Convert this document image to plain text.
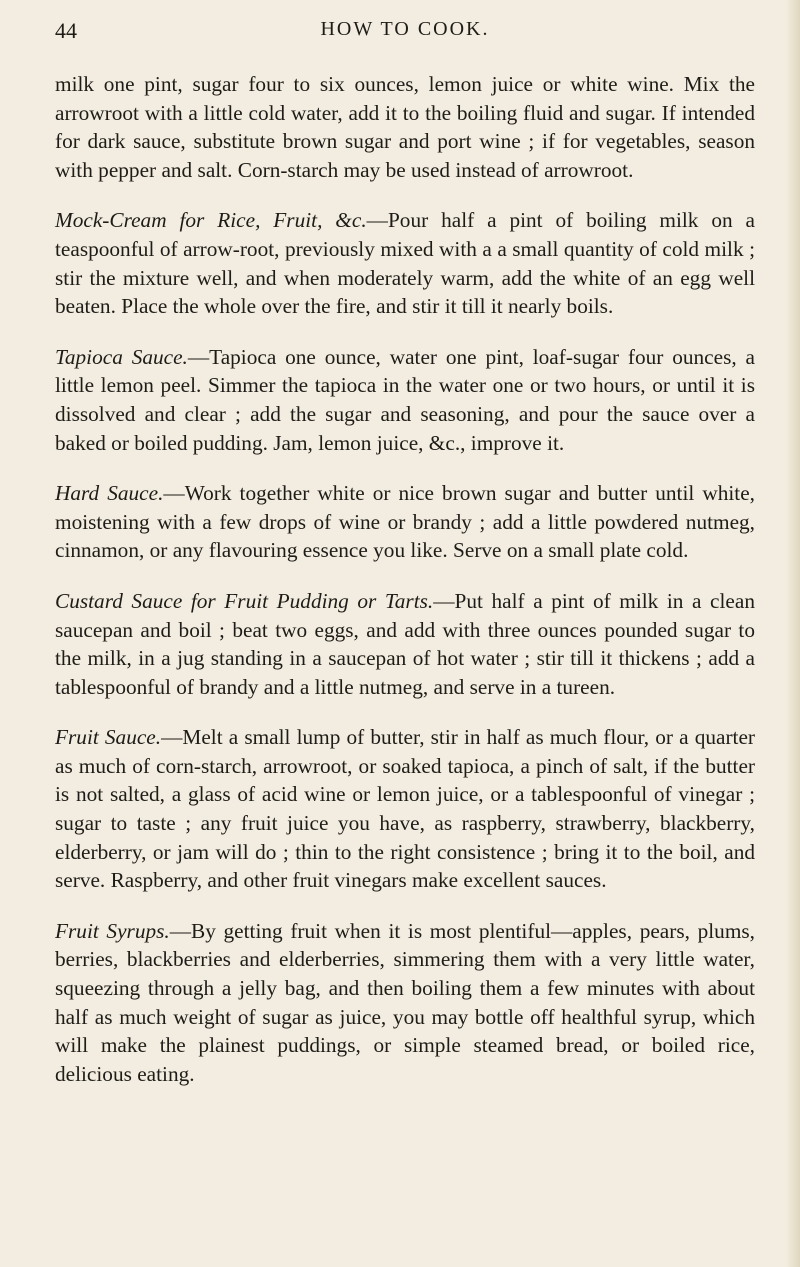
44	HOW TO COOK.

milk one pint, sugar four to six ounces, lemon juice or white wine. Mix the arrowroot with a little cold water, add it to the boiling fluid and sugar. If intended for dark sauce, substitute brown sugar and port wine ; if for vegetables, season with pepper and salt. Corn-starch may be used instead of arrowroot.

Mock-Cream for Rice, Fruit, &c.—Pour half a pint of boiling milk on a teaspoonful of arrow-root, previously mixed with a a small quantity of cold milk ; stir the mixture well, and when moderately warm, add the white of an egg well beaten. Place the whole over the fire, and stir it till it nearly boils.

Tapioca Sauce.—Tapioca one ounce, water one pint, loaf-sugar four ounces, a little lemon peel. Simmer the tapioca in the water one or two hours, or until it is dissolved and clear ; add the sugar and seasoning, and pour the sauce over a baked or boiled pudding. Jam, lemon juice, &c., improve it.

Hard Sauce.—Work together white or nice brown sugar and butter until white, moistening with a few drops of wine or brandy ; add a little powdered nutmeg, cinnamon, or any flavouring essence you like. Serve on a small plate cold.

Custard Sauce for Fruit Pudding or Tarts.—Put half a pint of milk in a clean saucepan and boil ; beat two eggs, and add with three ounces pounded sugar to the milk, in a jug standing in a saucepan of hot water ; stir till it thickens ; add a tablespoonful of brandy and a little nutmeg, and serve in a tureen.

Fruit Sauce.—Melt a small lump of butter, stir in half as much flour, or a quarter as much of corn-starch, arrowroot, or soaked tapioca, a pinch of salt, if the butter is not salted, a glass of acid wine or lemon juice, or a tablespoonful of vinegar ; sugar to taste ; any fruit juice you have, as raspberry, strawberry, blackberry, elderberry, or jam will do ; thin to the right consistence ; bring it to the boil, and serve. Raspberry, and other fruit vinegars make excellent sauces.

Fruit Syrups.—By getting fruit when it is most plentiful—apples, pears, plums, berries, blackberries and elderberries, simmering them with a very little water, squeezing through a jelly bag, and then boiling them a few minutes with about half as much weight of sugar as juice, you may bottle off healthful syrup, which will make the plainest puddings, or simple steamed bread, or boiled rice, delicious eating.
